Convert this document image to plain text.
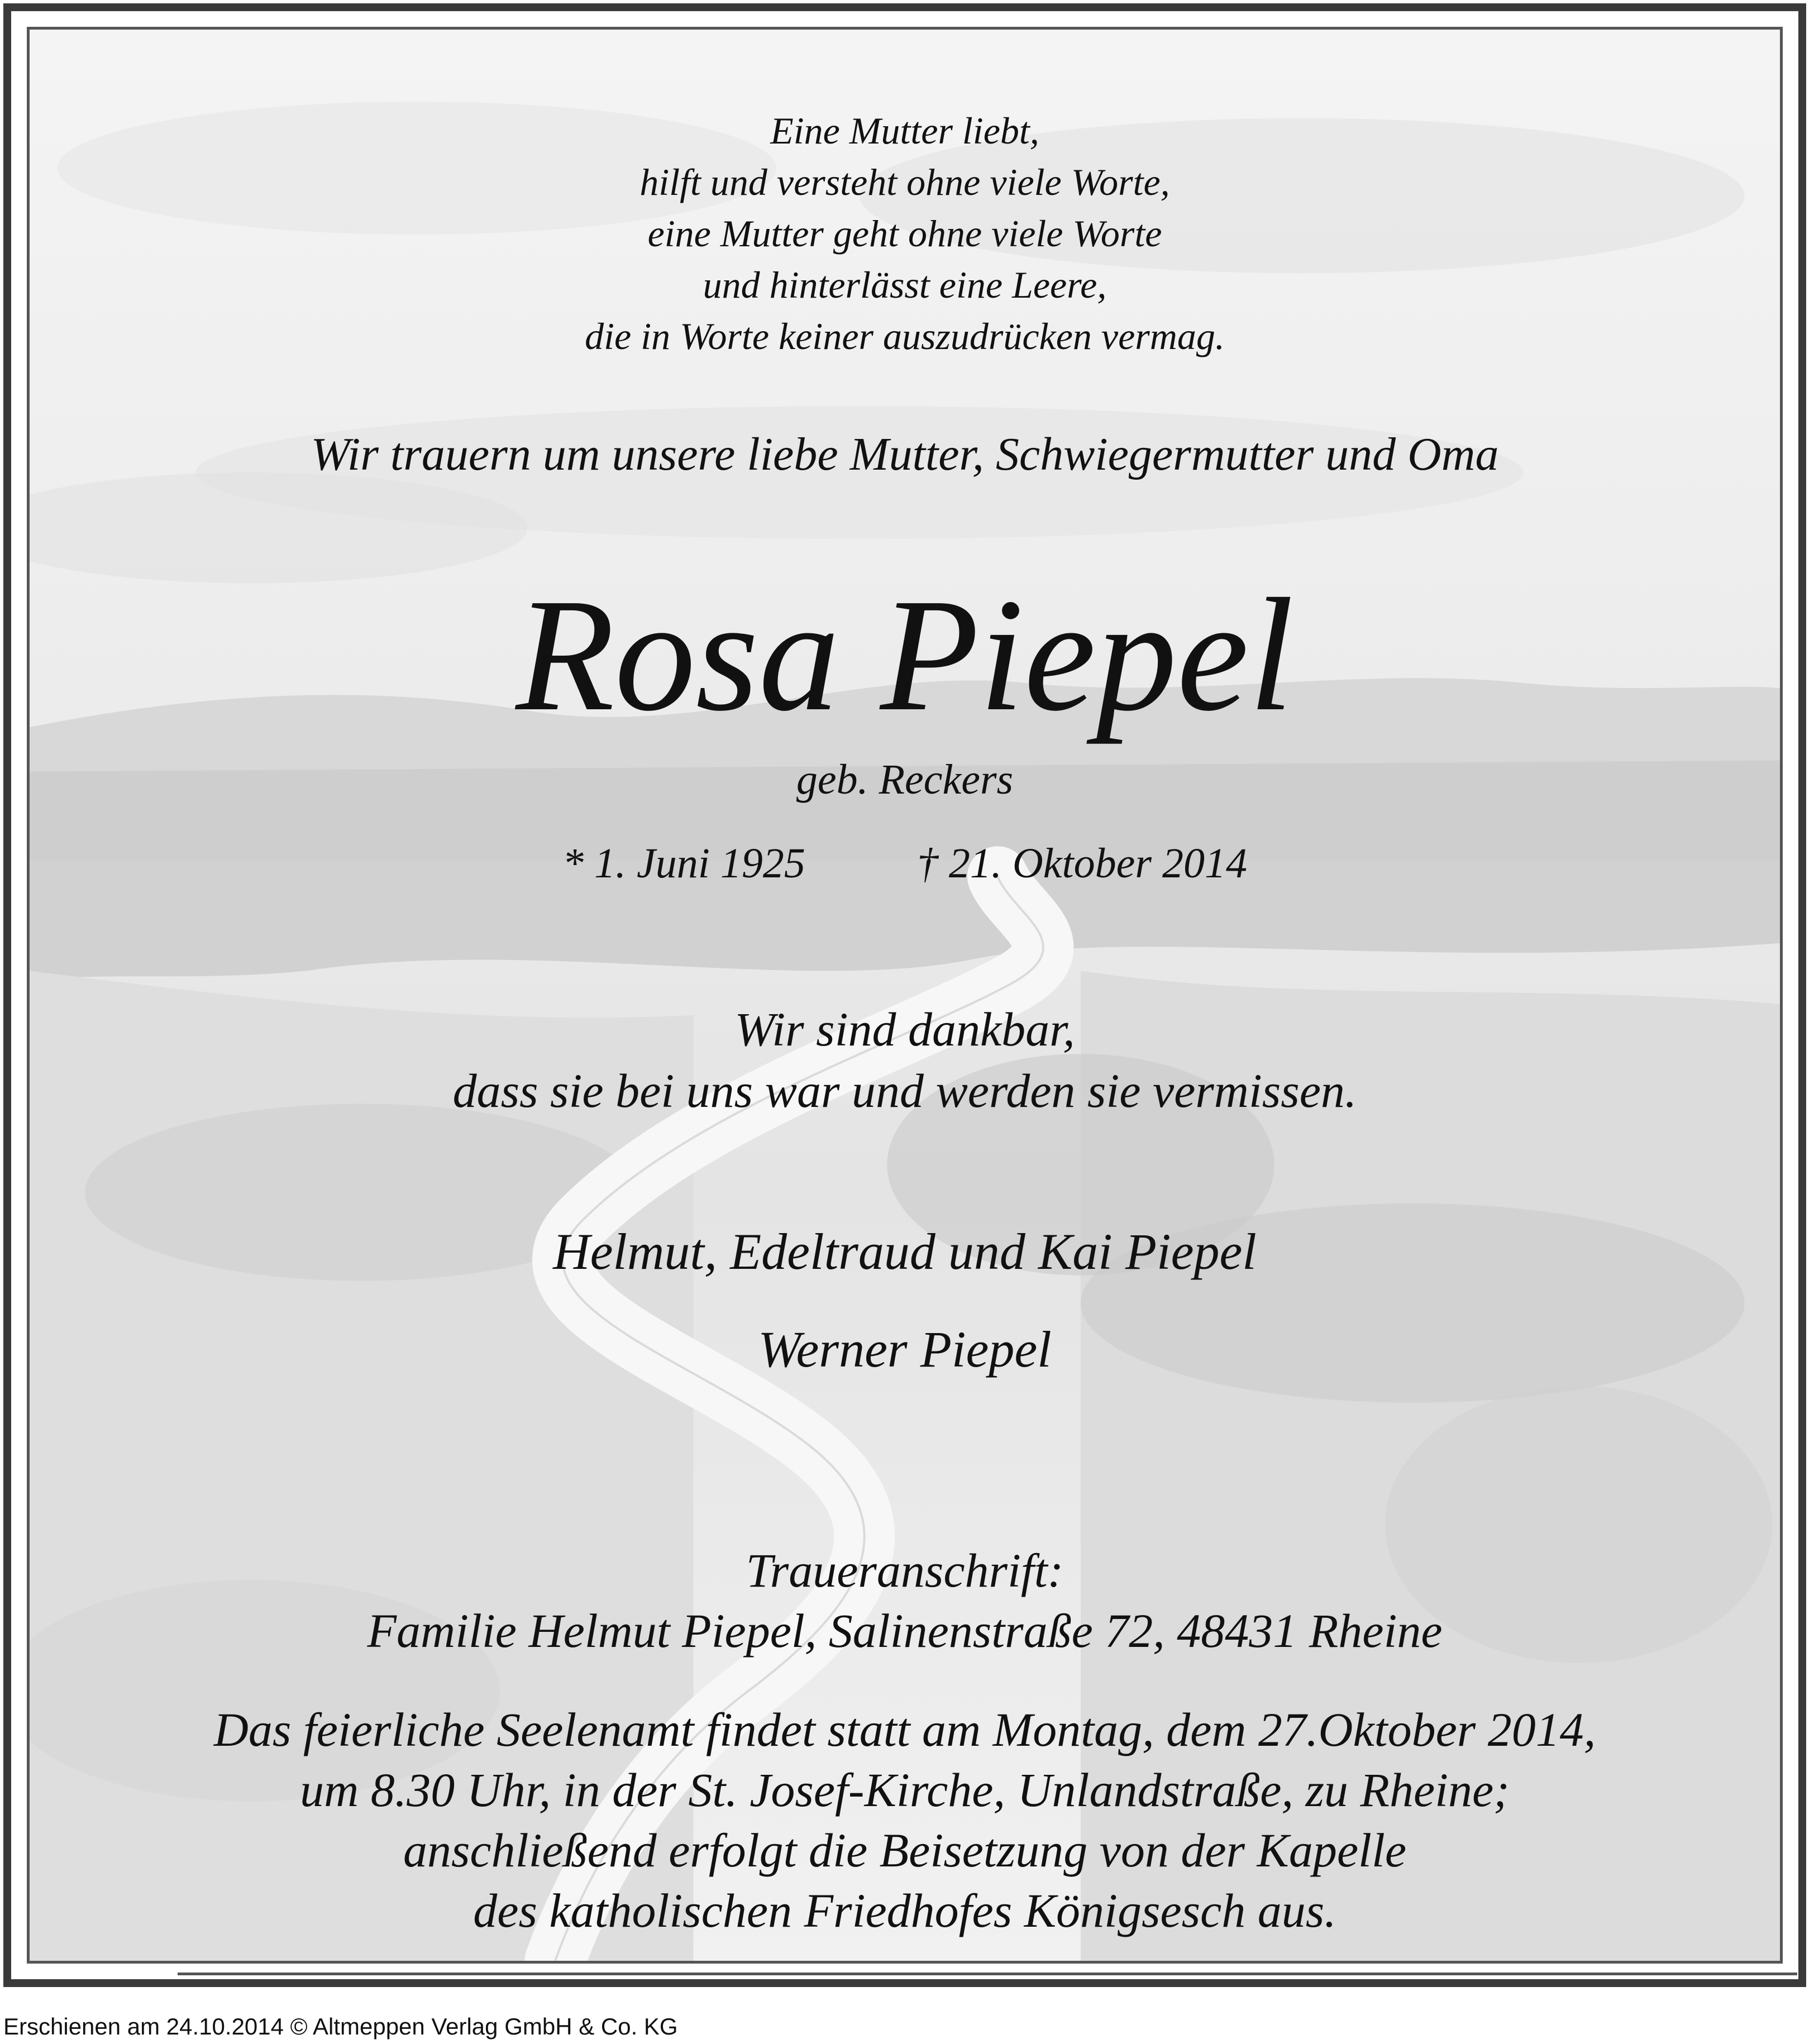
Eine Mutter liebt,
hilft und versteht ohne viele Worte,
eine Mutter geht ohne viele Worte
und hinterlässt eine Leere,
die in Worte keiner auszudrücken vermag.
Wir trauern um unsere liebe Mutter, Schwiegermutter und Oma
Rosa Piepel
geb. Reckers
* 1. Juni 1925	† 21. Oktober 2014
Wir sind dankbar,
dass sie bei uns war und werden sie vermissen.
Helmut, Edeltraud und Kai Piepel
Werner Piepel
Traueranschrift:
Familie Helmut Piepel, Salinenstraße 72, 48431 Rheine
Das feierliche Seelenamt findet statt am Montag, dem 27.Oktober 2014,
um 8.30 Uhr, in der St. Josef-Kirche, Unlandstraße, zu Rheine;
anschließend erfolgt die Beisetzung von der Kapelle
des katholischen Friedhofes Königsesch aus.
Erschienen am 24.10.2014 © Altmeppen Verlag GmbH & Co. KG
